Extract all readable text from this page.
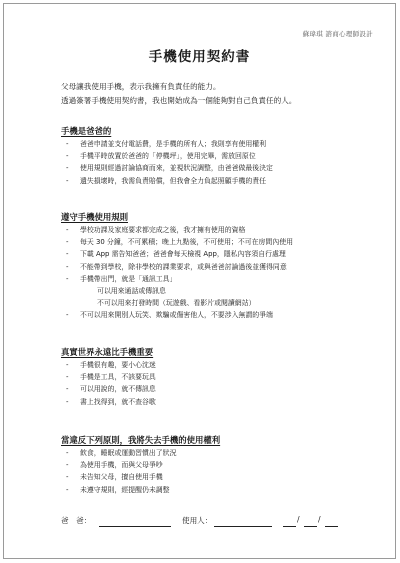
蘇瑋琪 諮商心理師設計
手機使用契約書
父母讓我使用手機，表示我擁有負責任的能力。
透過簽署手機使用契約書，我也開始成為一個能夠對自己負責任的人。
手機是爸爸的
- 爸爸申請並支付電話費，是手機的所有人；我則享有使用權利
- 手機平時放置於爸爸的「停機坪」，使用完畢，需放回原位
- 使用規則經過討論協商而來，並視狀況調整，由爸爸做最後決定
- 遺失損壞時，我需負責賠償，但我會全力負起照顧手機的責任
遵守手機使用規則
- 學校功課及家庭要求都完成之後，我才擁有使用的資格
- 每天 30 分鐘，不可累積；晚上九點後，不可使用；不可在房間內使用
- 下載 App 需告知爸爸；爸爸會每天檢視 App，隱私內容須自行處理
- 不能帶到學校，除非學校的課業要求，或與爸爸討論過後並獲得同意
- 手機帶出門，就是「通訊工具」
可以用來通話或傳訊息
不可以用來打發時間（玩遊戲、看影片或閱讀網站）
- 不可以用來開別人玩笑、欺騙或傷害他人，不要涉入無謂的爭端
真實世界永遠比手機重要
- 手機很有趣，要小心沈迷
- 手機是工具，不該要玩具
- 可以用說的，就不傳訊息
- 書上找得到，就不查谷歌
當違反下列原則，我將失去手機的使用權利
- 飲食，睡眠或運動習慣出了狀況
- 為使用手機，而與父母爭吵
- 未告知父母，擅自使用手機
- 未遵守規則，經提醒仍未調整
爸　爸：	使用人：	/ /
